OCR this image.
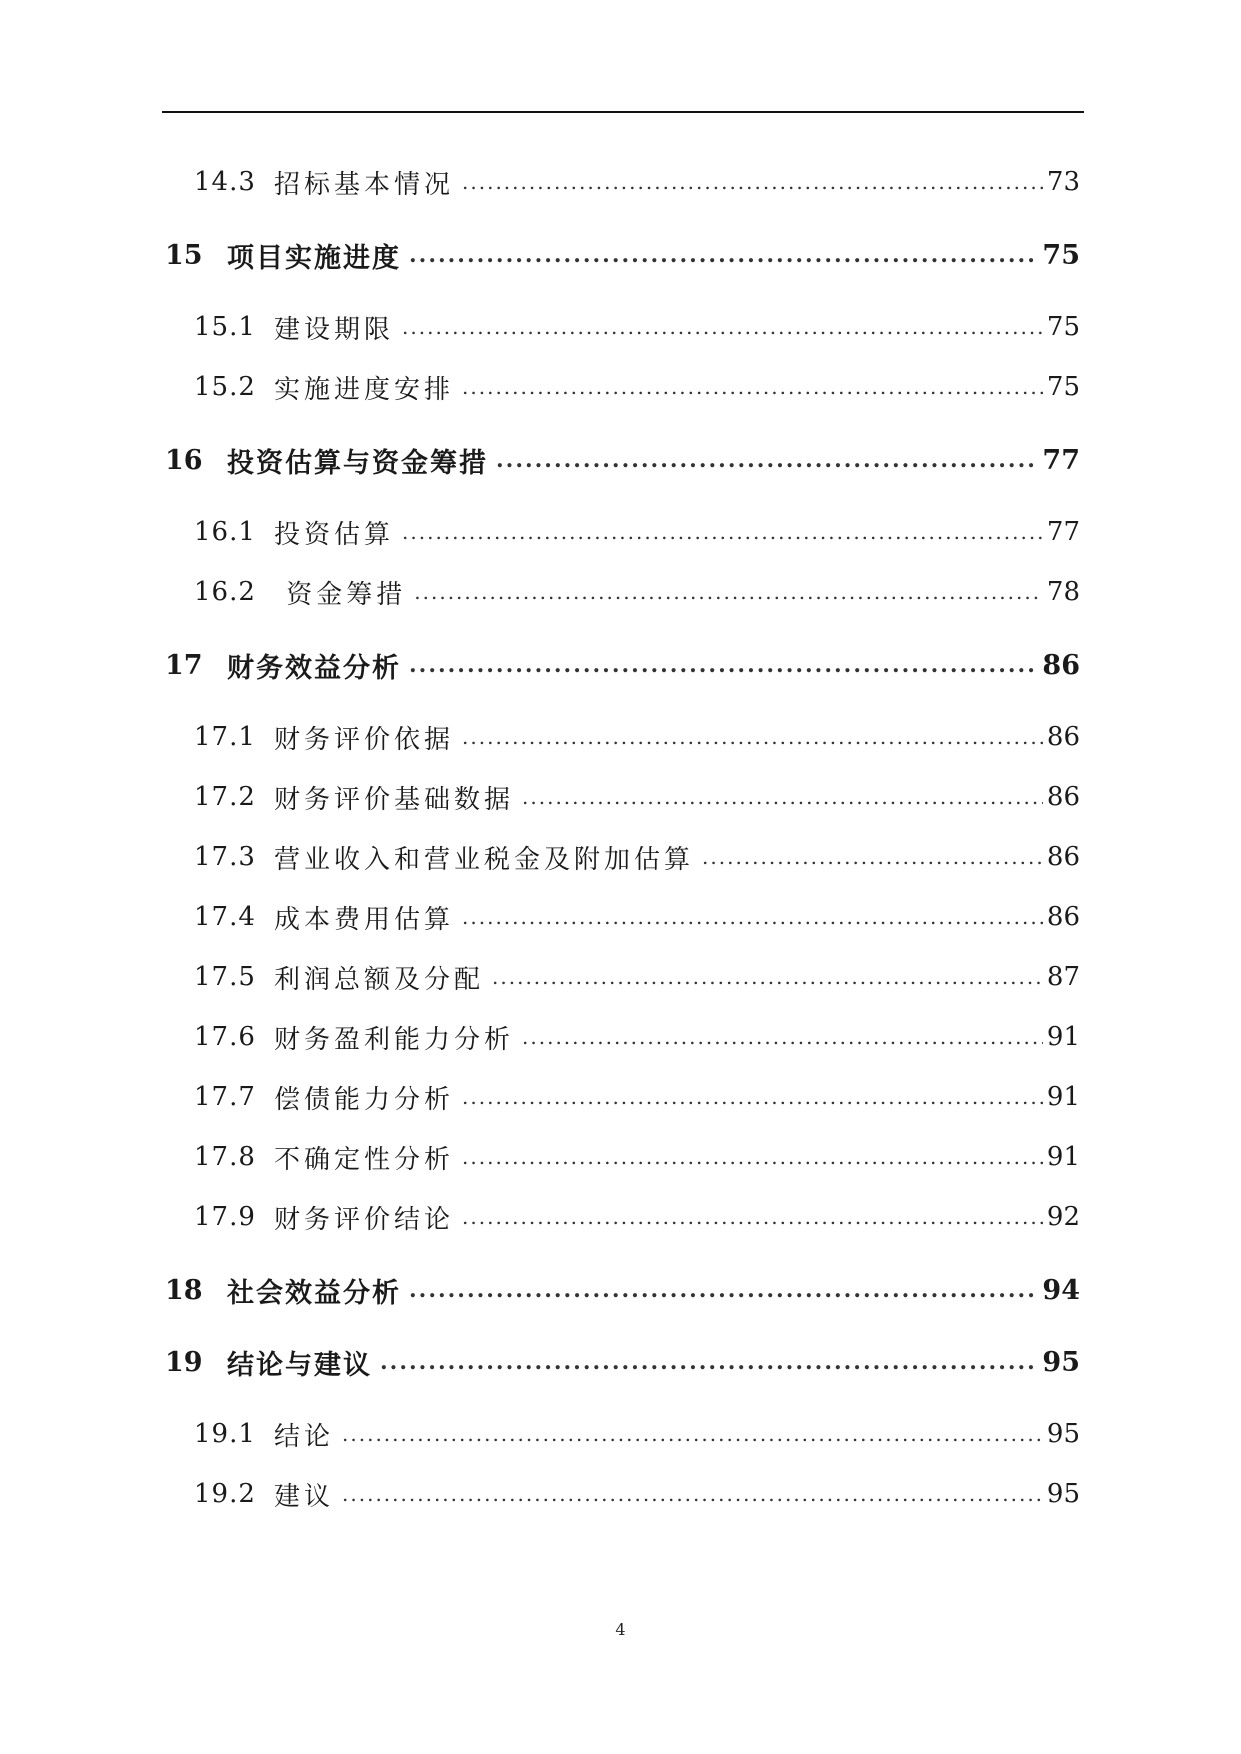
14.3 招标基本情况 .....	73
15 项目实施进度 .....	75
15.1 建设期限 .....	75
15.2 实施进度安排 .....	75
16 投资估算与资金筹措 .....	77
16.1 投资估算 .....	77
16.2 资金筹措 .....	78
17 财务效益分析 .....	86
17.1 财务评价依据 .....	86
17.2 财务评价基础数据 .....	86
17.3 营业收入和营业税金及附加估算 .....	86
17.4 成本费用估算 .....	86
17.5 利润总额及分配 .....	87
17.6 财务盈利能力分析 .....	91
17.7 偿债能力分析 .....	91
17.8 不确定性分析 .....	91
17.9 财务评价结论 .....	92
18 社会效益分析 .....	94
19 结论与建议 .....	95
19.1 结论 .....	95
19.2 建议 .....	95
4
